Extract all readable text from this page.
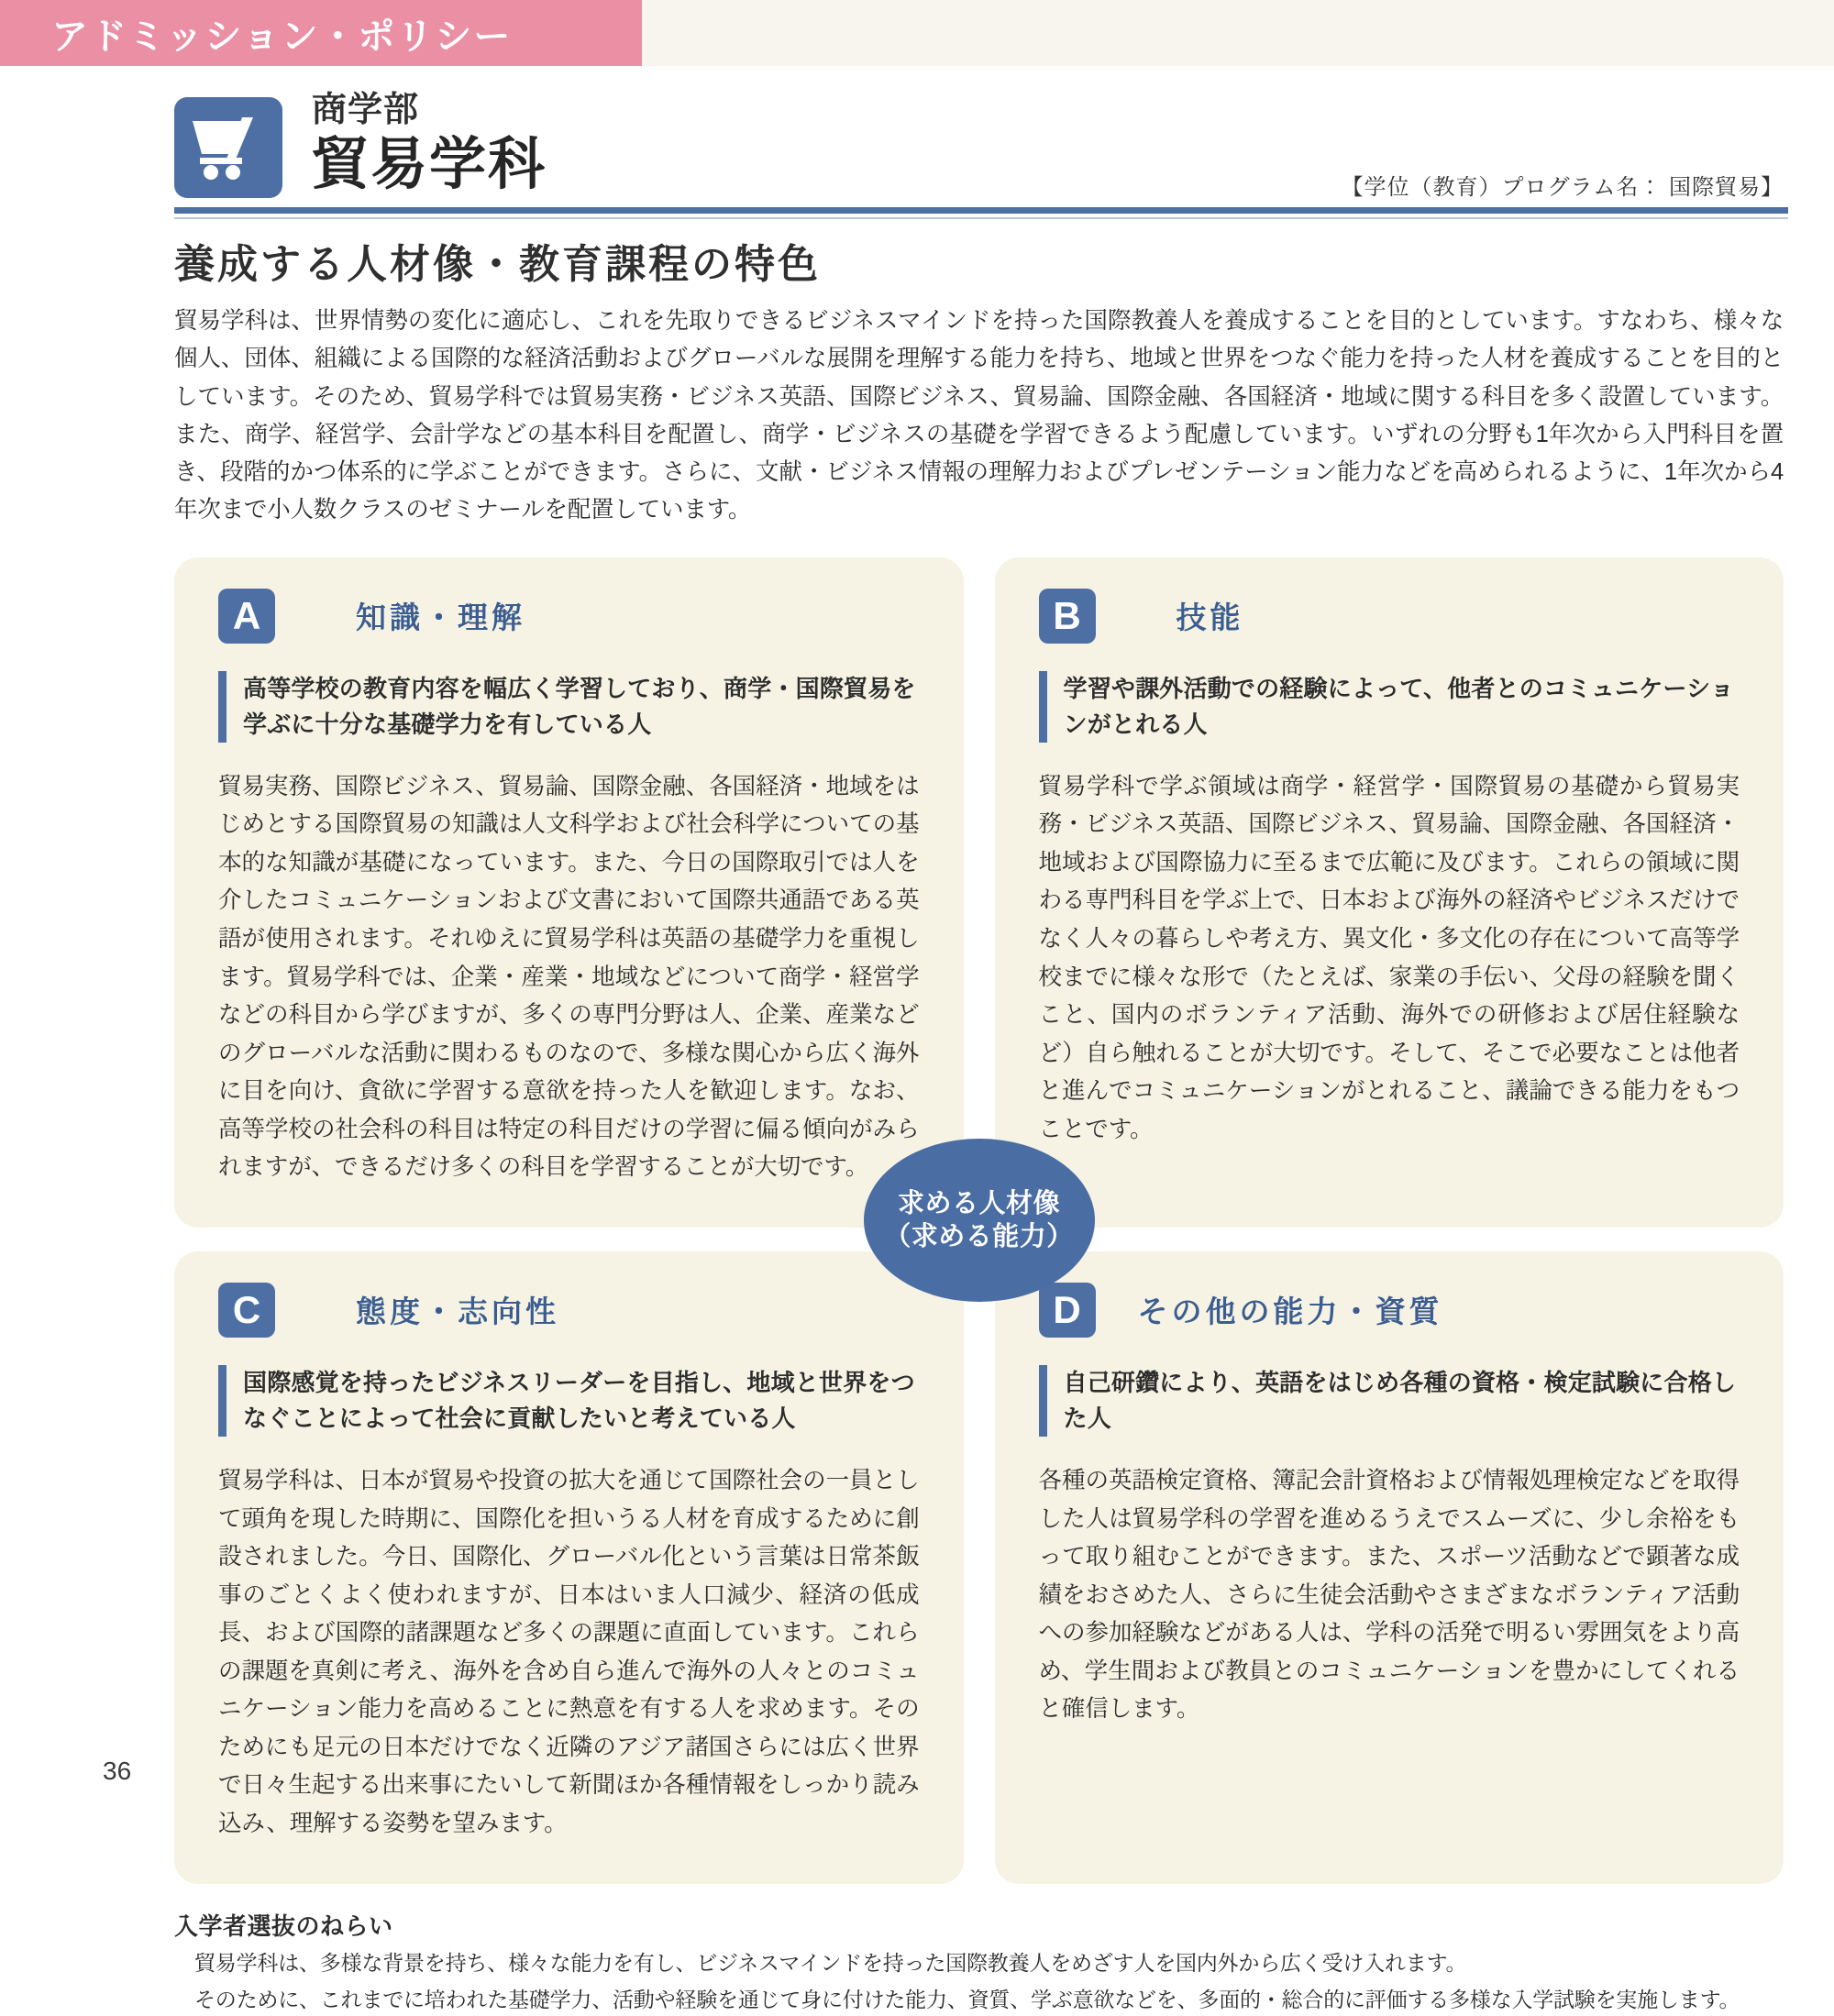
アドミッション・ポリシー
商学部
貿易学科	【学位（教育）プログラム名： 国際貿易】
養成する人材像・教育課程の特色
貿易学科は、世界情勢の変化に適応し、これを先取りできるビジネスマインドを持った国際教養人を養成することを目的としています。すなわち、様々な個人、団体、組織による国際的な経済活動およびグローバルな展開を理解する能力を持ち、地域と世界をつなぐ能力を持った人材を養成することを目的としています。そのため、貿易学科では貿易実務・ビジネス英語、国際ビジネス、貿易論、国際金融、各国経済・地域に関する科目を多く設置しています。また、商学、経営学、会計学などの基本科目を配置し、商学・ビジネスの基礎を学習できるよう配慮しています。いずれの分野も1年次から入門科目を置き、段階的かつ体系的に学ぶことができます。さらに、文献・ビジネス情報の理解力およびプレゼンテーション能力などを高められるように、1年次から4年次まで小人数クラスのゼミナールを配置しています。
A	知識・理解
高等学校の教育内容を幅広く学習しており、商学・国際貿易を学ぶに十分な基礎学力を有している人
貿易実務、国際ビジネス、貿易論、国際金融、各国経済・地域をはじめとする国際貿易の知識は人文科学および社会科学についての基本的な知識が基礎になっています。また、今日の国際取引では人を介したコミュニケーションおよび文書において国際共通語である英語が使用されます。それゆえに貿易学科は英語の基礎学力を重視します。貿易学科では、企業・産業・地域などについて商学・経営学などの科目から学びますが、多くの専門分野は人、企業、産業などのグローバルな活動に関わるものなので、多様な関心から広く海外に目を向け、貪欲に学習する意欲を持った人を歓迎します。なお、高等学校の社会科の科目は特定の科目だけの学習に偏る傾向がみられますが、できるだけ多くの科目を学習することが大切です。
B	技能
学習や課外活動での経験によって、他者とのコミュニケーションがとれる人
貿易学科で学ぶ領域は商学・経営学・国際貿易の基礎から貿易実務・ビジネス英語、国際ビジネス、貿易論、国際金融、各国経済・地域および国際協力に至るまで広範に及びます。これらの領域に関わる専門科目を学ぶ上で、日本および海外の経済やビジネスだけでなく人々の暮らしや考え方、異文化・多文化の存在について高等学校までに様々な形で（たとえば、家業の手伝い、父母の経験を聞くこと、国内のボランティア活動、海外での研修および居住経験など）自ら触れることが大切です。そして、そこで必要なことは他者と進んでコミュニケーションがとれること、議論できる能力をもつことです。
C	態度・志向性
国際感覚を持ったビジネスリーダーを目指し、地域と世界をつなぐことによって社会に貢献したいと考えている人
貿易学科は、日本が貿易や投資の拡大を通じて国際社会の一員として頭角を現した時期に、国際化を担いうる人材を育成するために創設されました。今日、国際化、グローバル化という言葉は日常茶飯事のごとくよく使われますが、日本はいま人口減少、経済の低成長、および国際的諸課題など多くの課題に直面しています。これらの課題を真剣に考え、海外を含め自ら進んで海外の人々とのコミュニケーション能力を高めることに熱意を有する人を求めます。そのためにも足元の日本だけでなく近隣のアジア諸国さらには広く世界で日々生起する出来事にたいして新聞ほか各種情報をしっかり読み込み、理解する姿勢を望みます。
D	その他の能力・資質
自己研鑽により、英語をはじめ各種の資格・検定試験に合格した人
各種の英語検定資格、簿記会計資格および情報処理検定などを取得した人は貿易学科の学習を進めるうえでスムーズに、少し余裕をもって取り組むことができます。また、スポーツ活動などで顕著な成績をおさめた人、さらに生徒会活動やさまざまなボランティア活動への参加経験などがある人は、学科の活発で明るい雰囲気をより高め、学生間および教員とのコミュニケーションを豊かにしてくれると確信します。
求める人材像
（求める能力）
入学者選抜のねらい
貿易学科は、多様な背景を持ち、様々な能力を有し、ビジネスマインドを持った国際教養人をめざす人を国内外から広く受け入れます。
そのために、これまでに培われた基礎学力、活動や経験を通じて身に付けた能力、資質、学ぶ意欲などを、多面的・総合的に評価する多様な入学試験を実施します。
36
